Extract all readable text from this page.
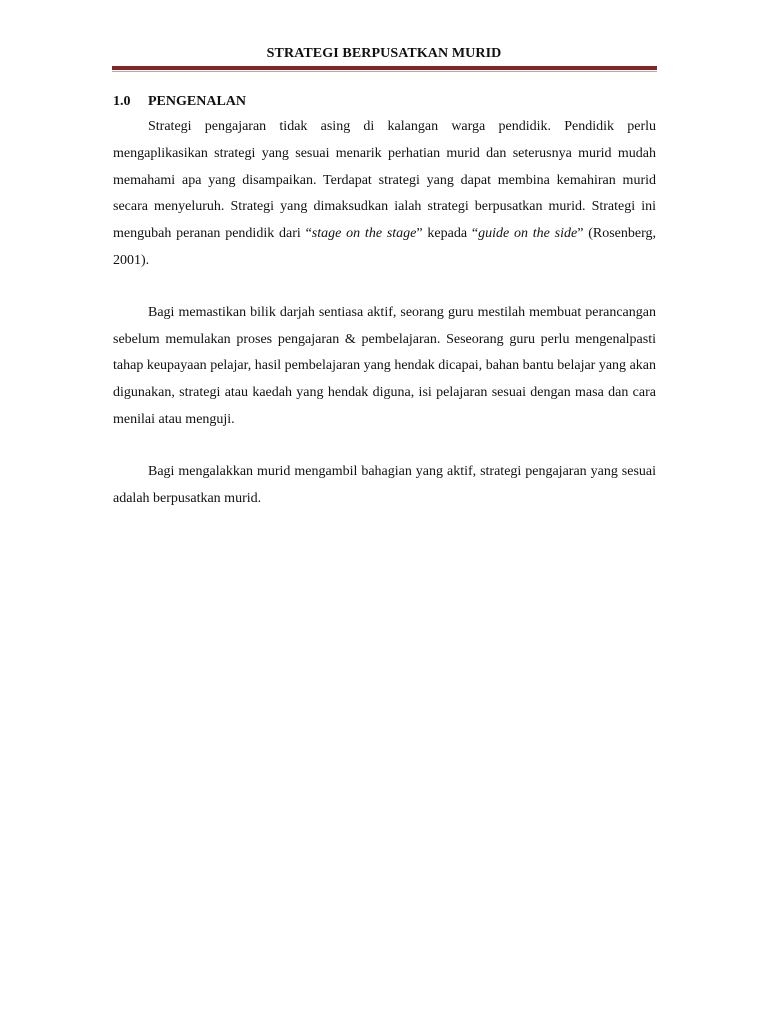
STRATEGI BERPUSATKAN MURID
1.0 PENGENALAN

Strategi pengajaran tidak asing di kalangan warga pendidik. Pendidik perlu mengaplikasikan strategi yang sesuai menarik perhatian murid dan seterusnya murid mudah memahami apa yang disampaikan. Terdapat strategi yang dapat membina kemahiran murid secara menyeluruh. Strategi yang dimaksudkan ialah strategi berpusatkan murid. Strategi ini mengubah peranan pendidik dari “stage on the stage” kepada “guide on the side” (Rosenberg, 2001).

Bagi memastikan bilik darjah sentiasa aktif, seorang guru mestilah membuat perancangan sebelum memulakan proses pengajaran & pembelajaran. Seseorang guru perlu mengenalpasti tahap keupayaan pelajar, hasil pembelajaran yang hendak dicapai, bahan bantu belajar yang akan digunakan, strategi atau kaedah yang hendak diguna, isi pelajaran sesuai dengan masa dan cara menilai atau menguji.

Bagi mengalakkan murid mengambil bahagian yang aktif, strategi pengajaran yang sesuai adalah berpusatkan murid.
